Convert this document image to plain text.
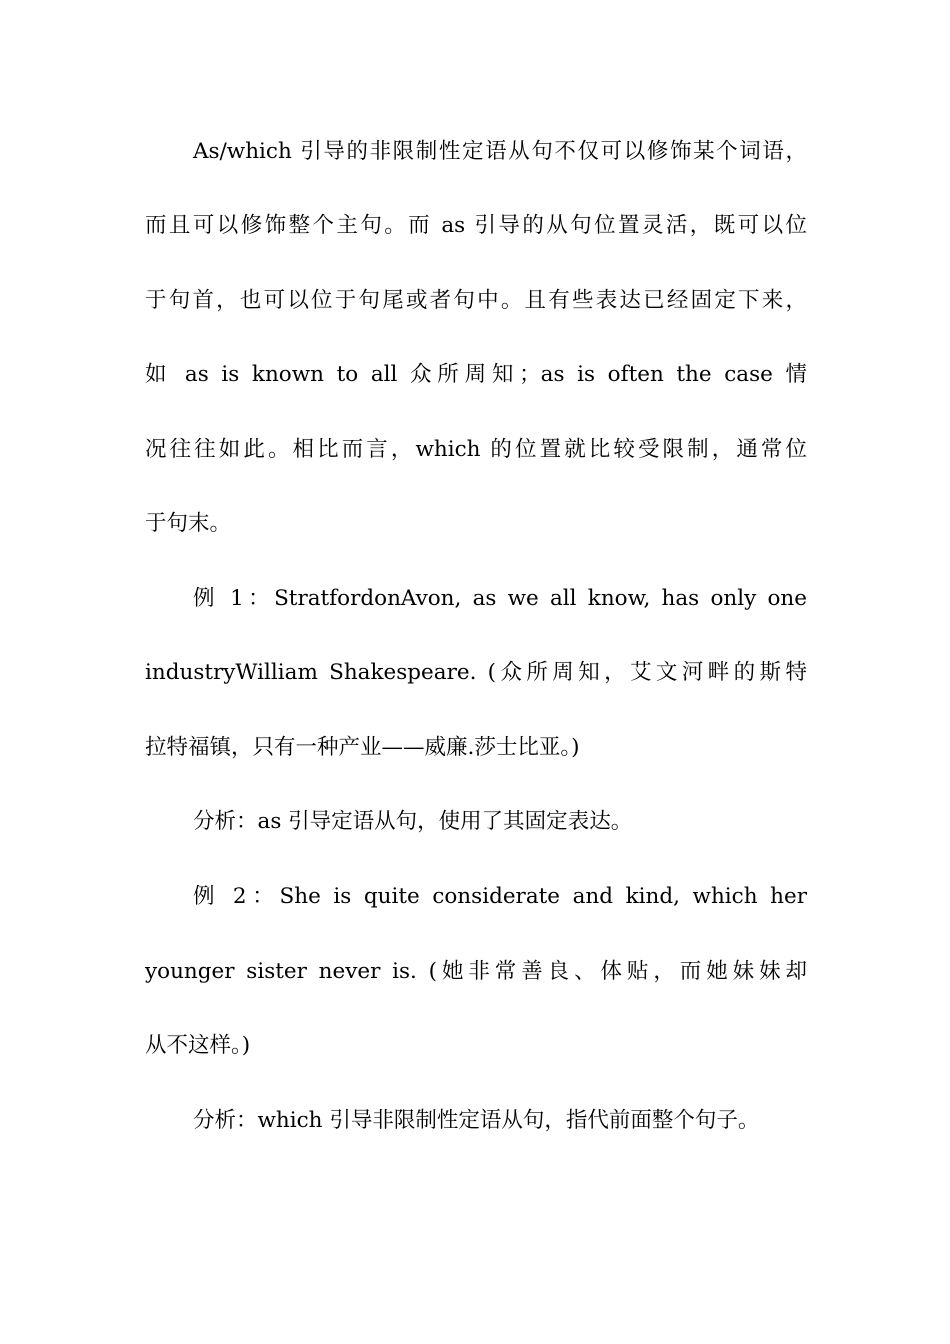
As/which 引导的非限制性定语从句不仅可以修饰某个词语，
而且可以修饰整个主句。而 as 引导的从句位置灵活，既可以位
于句首，也可以位于句尾或者句中。且有些表达已经固定下来，
如 as is known to all 众所周知；as is often the case 情
况往往如此。相比而言，which 的位置就比较受限制，通常位
于句末。
例 1：StratfordonAvon, as we all know, has only one
industryWilliam Shakespeare. (众所周知，艾文河畔的斯特
拉特福镇，只有一种产业——威廉.莎士比亚。)
分析：as 引导定语从句，使用了其固定表达。
例 2：She is quite considerate and kind, which her
younger sister never is. (她非常善良、体贴，而她妹妹却
从不这样。)
分析：which 引导非限制性定语从句，指代前面整个句子。
